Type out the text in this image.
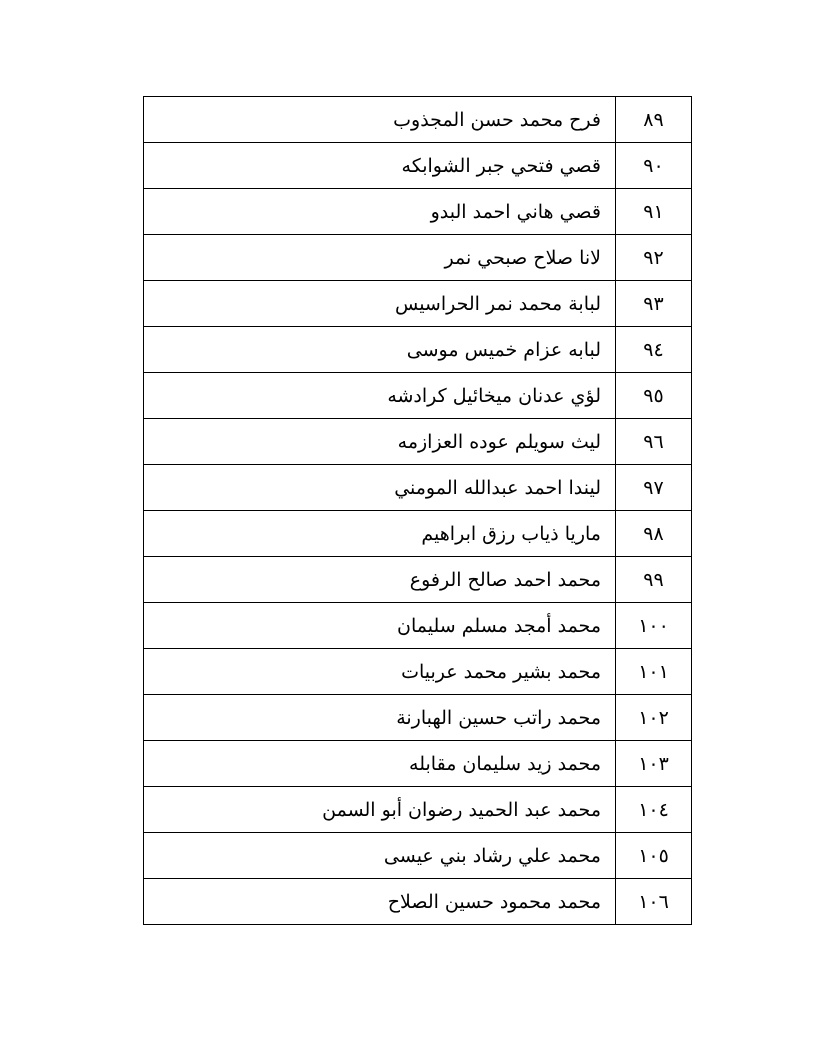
٨٩	فرح محمد حسن المجذوب
٩٠	قصي فتحي جبر الشوابكه
٩١	قصي هاني احمد البدو
٩٢	لانا صلاح صبحي نمر
٩٣	لبابة محمد نمر الحراسيس
٩٤	لبابه عزام خميس موسى
٩٥	لؤي عدنان ميخائيل كرادشه
٩٦	ليث سويلم عوده العزازمه
٩٧	ليندا احمد عبدالله المومني
٩٨	ماريا ذياب رزق ابراهيم
٩٩	محمد احمد صالح الرفوع
١٠٠	محمد أمجد مسلم سليمان
١٠١	محمد بشير محمد عربيات
١٠٢	محمد راتب حسين الهبارنة
١٠٣	محمد زيد سليمان مقابله
١٠٤	محمد عبد الحميد رضوان أبو السمن
١٠٥	محمد علي رشاد بني عيسى
١٠٦	محمد محمود حسين الصلاح
